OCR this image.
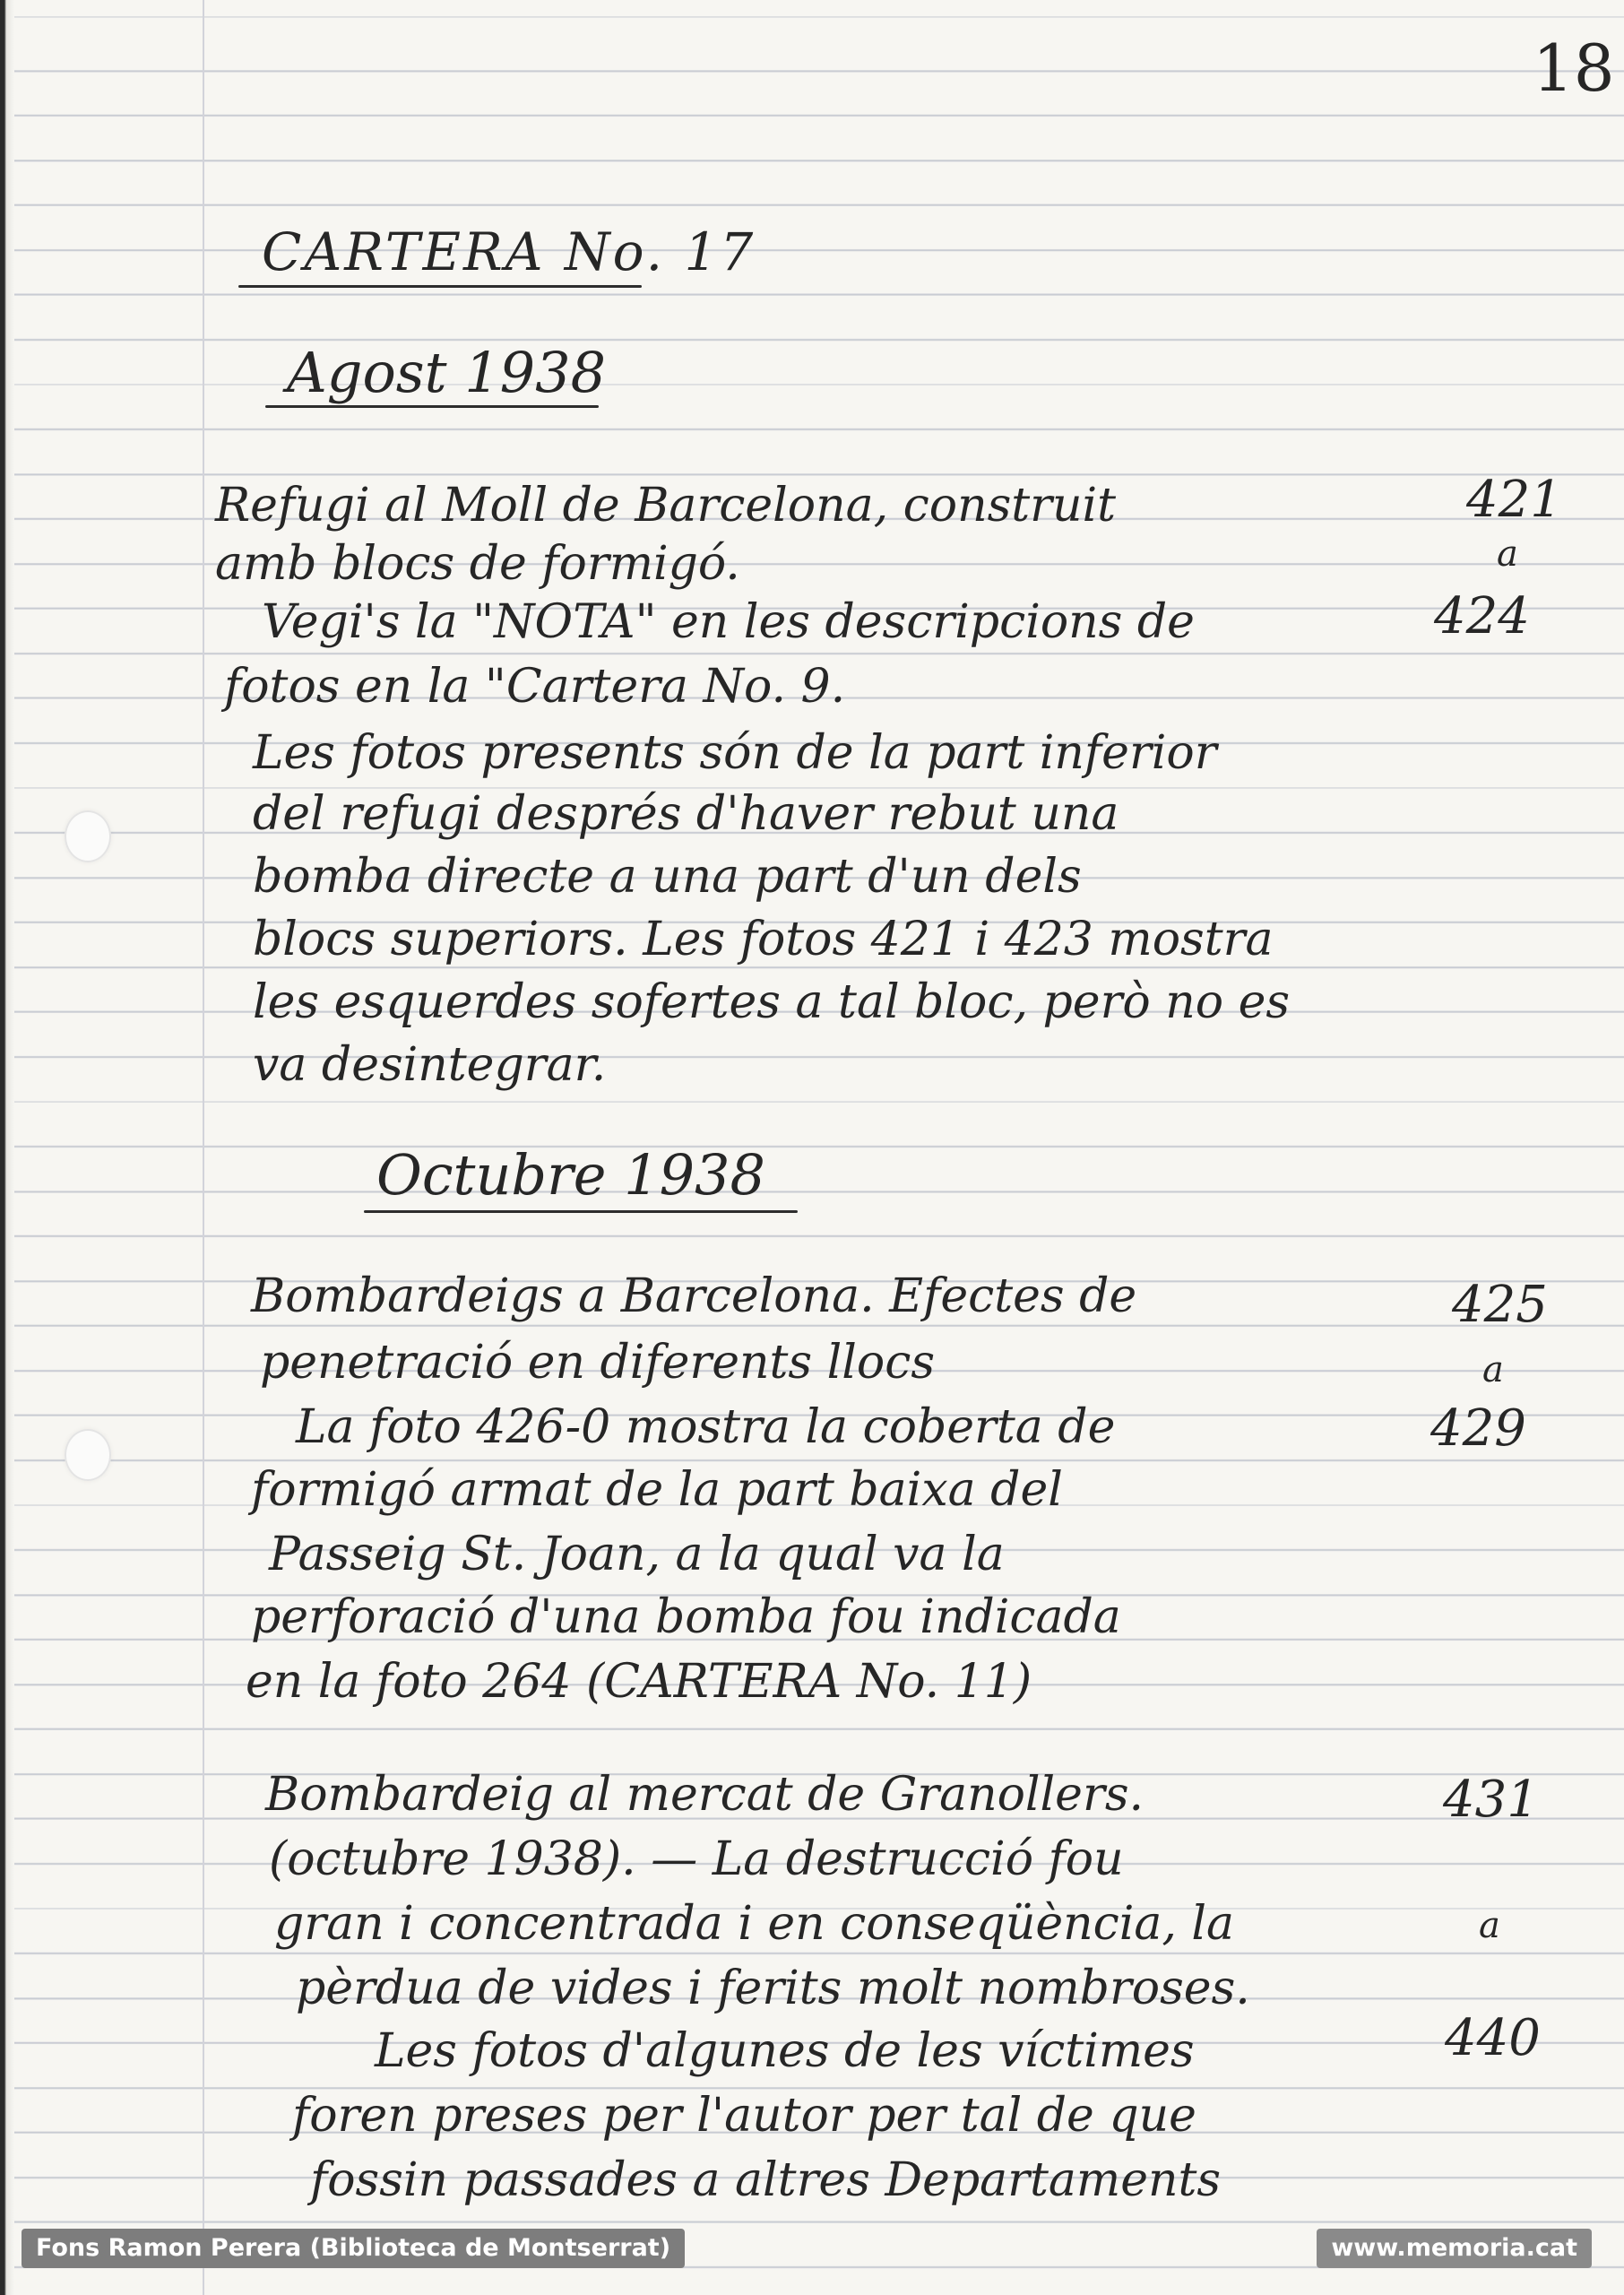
18
CARTERA No. 17
Agost 1938
Refugi al Moll de Barcelona, construit
amb blocs de formigó.
Vegi's la "NOTA" en les descripcions de
fotos en la "Cartera No. 9.
Les fotos presents són de la part inferior
del refugi després d'haver rebut una
bomba directe a una part d'un dels
blocs superiors. Les fotos 421 i 423 mostra
les esquerdes sofertes a tal bloc, però no es
va desintegrar.
421
a
424
Octubre 1938
Bombardeigs a Barcelona. Efectes de
penetració en diferents llocs
La foto 426-0 mostra la coberta de
formigó armat de la part baixa del
Passeig St. Joan, a la qual va la
perforació d'una bomba fou indicada
en la foto 264 (CARTERA No. 11)
425
a
429
Bombardeig al mercat de Granollers.
(octubre 1938). — La destrucció fou
gran i concentrada i en conseqüència, la
pèrdua de vides i ferits molt nombroses.
Les fotos d'algunes de les víctimes
foren preses per l'autor per tal de que
fossin passades a altres Departaments
431
a
440
Fons Ramon Perera (Biblioteca de Montserrat)	www.memoria.cat
